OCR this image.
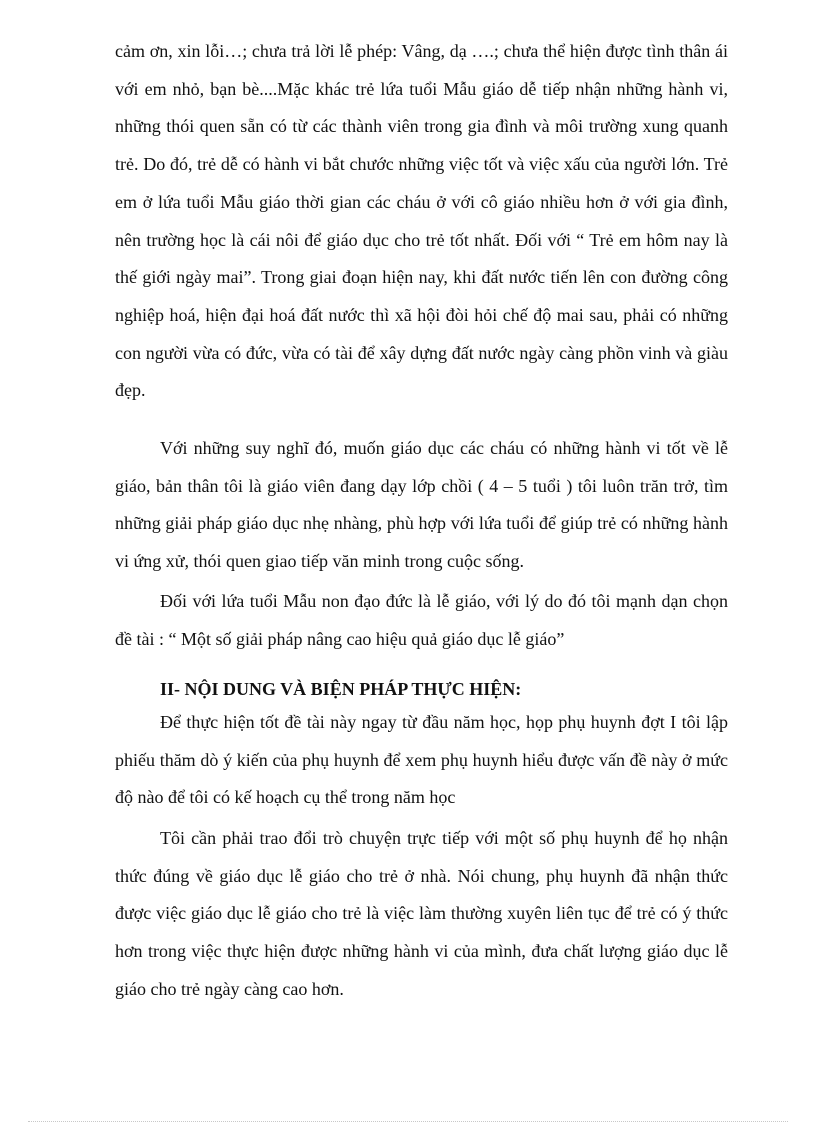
cảm ơn, xin lỗi…; chưa trả lời lễ phép: Vâng, dạ ….; chưa thể hiện được tình thân ái với em nhỏ, bạn bè....Mặc khác trẻ lứa tuổi Mẫu giáo dễ tiếp nhận những hành vi, những thói quen sẵn có từ các thành viên trong gia đình và môi trường xung quanh trẻ. Do đó, trẻ dễ có hành vi bắt chước những việc tốt và việc xấu của người lớn. Trẻ em ở lứa tuổi Mẫu giáo thời gian các cháu ở với cô giáo nhiều hơn ở với gia đình, nên trường học là cái nôi để giáo dục cho trẻ tốt nhất. Đối với “ Trẻ em hôm nay là thế giới ngày mai”. Trong giai đoạn hiện nay, khi đất nước tiến lên con đường công nghiệp hoá, hiện đại hoá đất nước thì xã hội đòi hỏi chế độ mai sau, phải có những con người vừa có đức, vừa có tài để xây dựng đất nước ngày càng phồn vinh và giàu đẹp.

Với những suy nghĩ đó, muốn giáo dục các cháu có những hành vi tốt về lễ giáo, bản thân tôi là giáo viên đang dạy lớp chồi ( 4 – 5 tuổi ) tôi luôn trăn trở, tìm những giải pháp giáo dục nhẹ nhàng, phù hợp với lứa tuổi để giúp trẻ có những hành vi ứng xử, thói quen giao tiếp văn minh trong cuộc sống.

Đối với lứa tuổi Mẫu non đạo đức là lễ giáo, với lý do đó tôi mạnh dạn chọn đề tài : “ Một số giải pháp nâng cao hiệu quả giáo dục lễ giáo”

II- NỘI DUNG VÀ BIỆN PHÁP THỰC HIỆN:

Để thực hiện tốt đề tài này ngay từ đầu năm học, họp phụ huynh đợt I tôi lập phiếu thăm dò ý kiến của phụ huynh để xem phụ huynh hiểu được vấn đề này ở mức độ nào để tôi có kế hoạch cụ thể trong năm học

Tôi cần phải trao đổi trò chuyện trực tiếp với một số phụ huynh để họ nhận thức đúng về giáo dục lễ giáo cho trẻ ở nhà. Nói chung, phụ huynh đã nhận thức được việc giáo dục lễ giáo cho trẻ là việc làm thường xuyên liên tục để trẻ có ý thức hơn trong việc thực hiện được những hành vi của mình, đưa chất lượng giáo dục lễ giáo cho trẻ ngày càng cao hơn.
